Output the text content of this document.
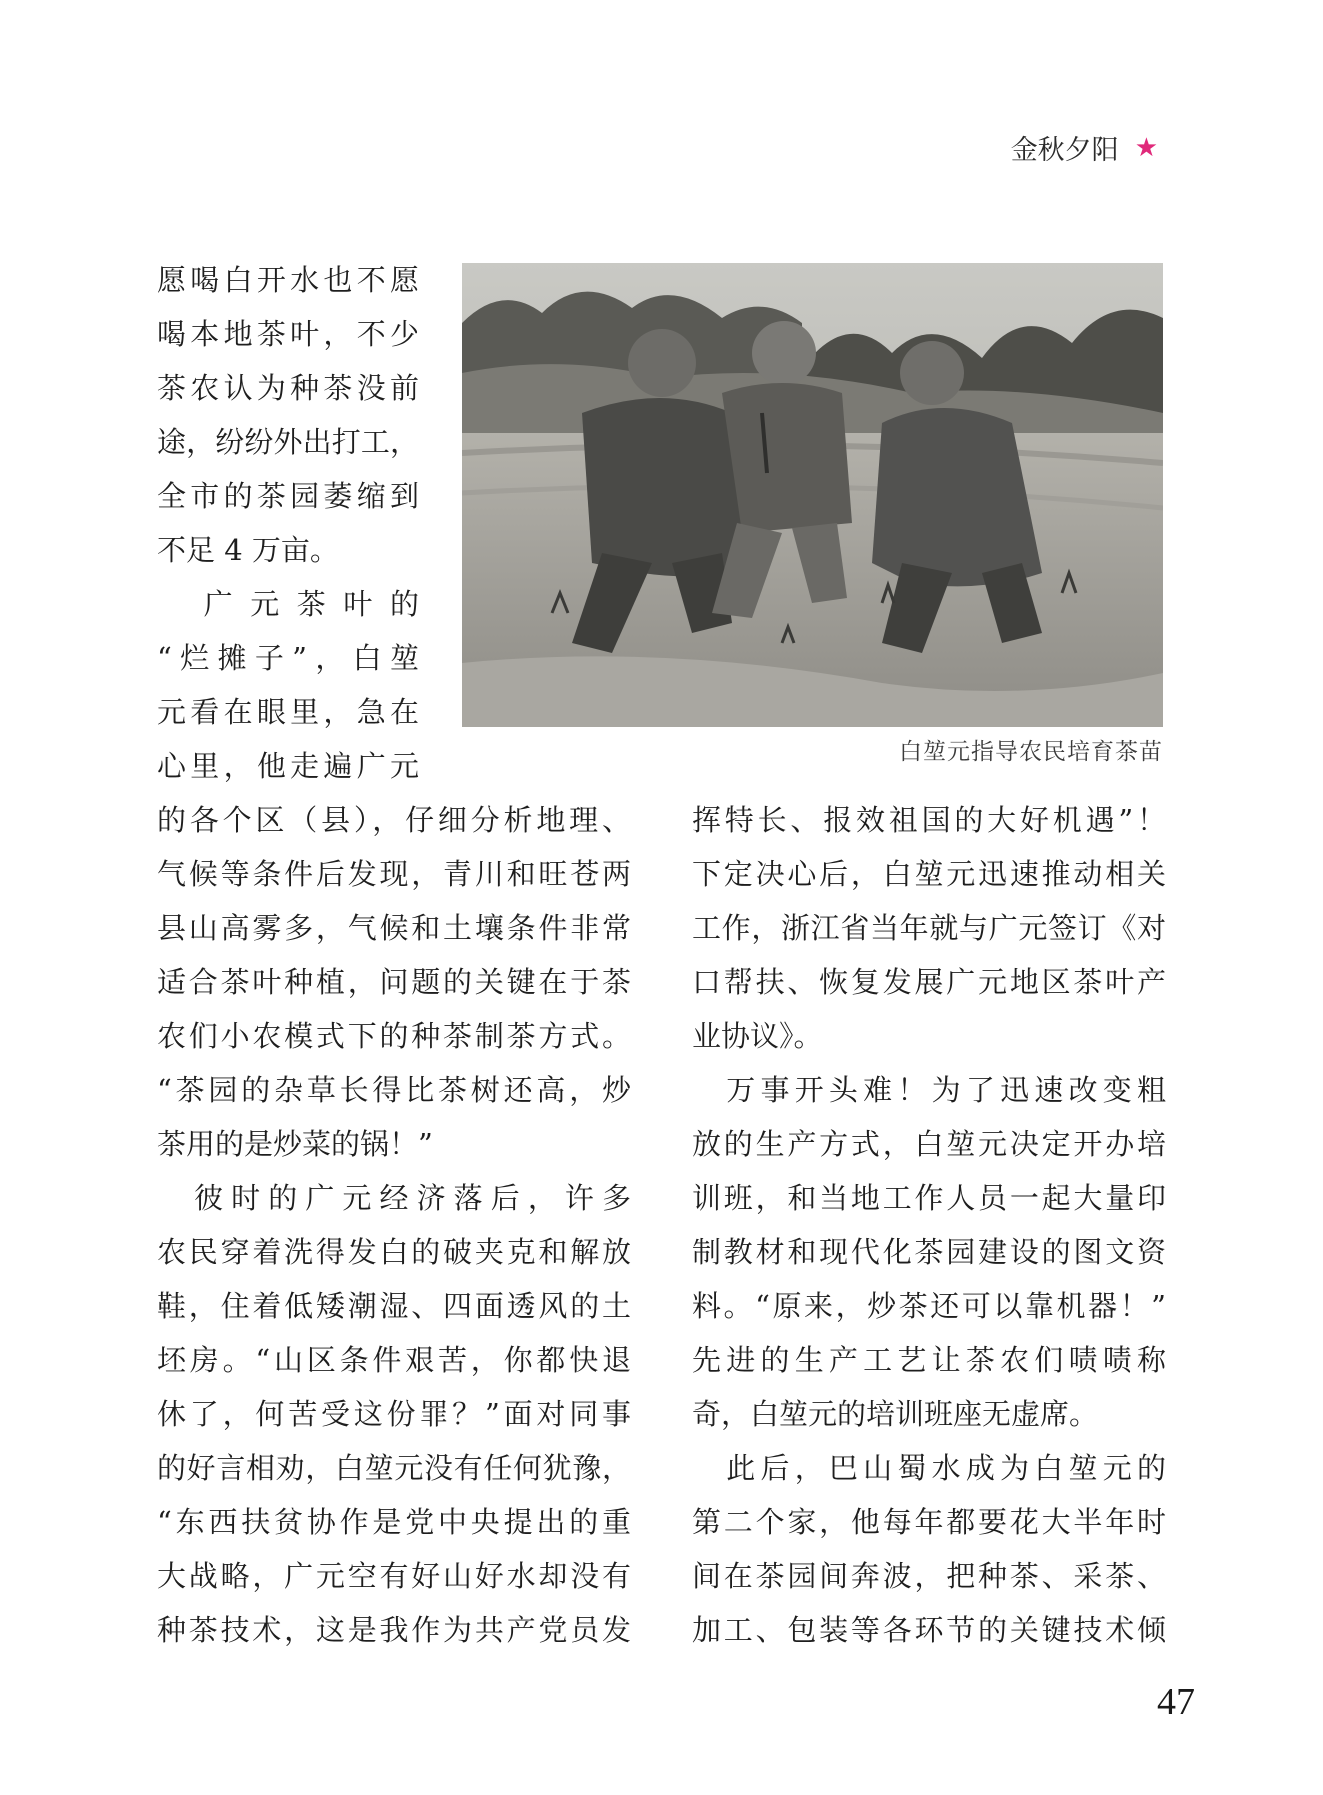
金秋夕阳 ★
愿喝白开水也不愿
喝本地茶叶，不少
茶农认为种茶没前
途，纷纷外出打工，
全市的茶园萎缩到
不足 4 万亩。
　广元茶叶的
“烂摊子”，白堃
元看在眼里，急在
心里，他走遍广元
的各个区（县），仔细分析地理、
气候等条件后发现，青川和旺苍两
县山高雾多，气候和土壤条件非常
适合茶叶种植，问题的关键在于茶
农们小农模式下的种茶制茶方式。
“茶园的杂草长得比茶树还高，炒
茶用的是炒菜的锅！”
　彼时的广元经济落后，许多
农民穿着洗得发白的破夹克和解放
鞋，住着低矮潮湿、四面透风的土
坯房。“山区条件艰苦，你都快退
休了，何苦受这份罪？”面对同事
的好言相劝，白堃元没有任何犹豫，
“东西扶贫协作是党中央提出的重
大战略，广元空有好山好水却没有
种茶技术，这是我作为共产党员发
白堃元指导农民培育茶苗
挥特长、报效祖国的大好机遇”！
下定决心后，白堃元迅速推动相关
工作，浙江省当年就与广元签订《对
口帮扶、恢复发展广元地区茶叶产
业协议》。
　万事开头难！为了迅速改变粗
放的生产方式，白堃元决定开办培
训班，和当地工作人员一起大量印
制教材和现代化茶园建设的图文资
料。“原来，炒茶还可以靠机器！”
先进的生产工艺让茶农们啧啧称
奇，白堃元的培训班座无虚席。
　此后，巴山蜀水成为白堃元的
第二个家，他每年都要花大半年时
间在茶园间奔波，把种茶、采茶、
加工、包装等各环节的关键技术倾
47
